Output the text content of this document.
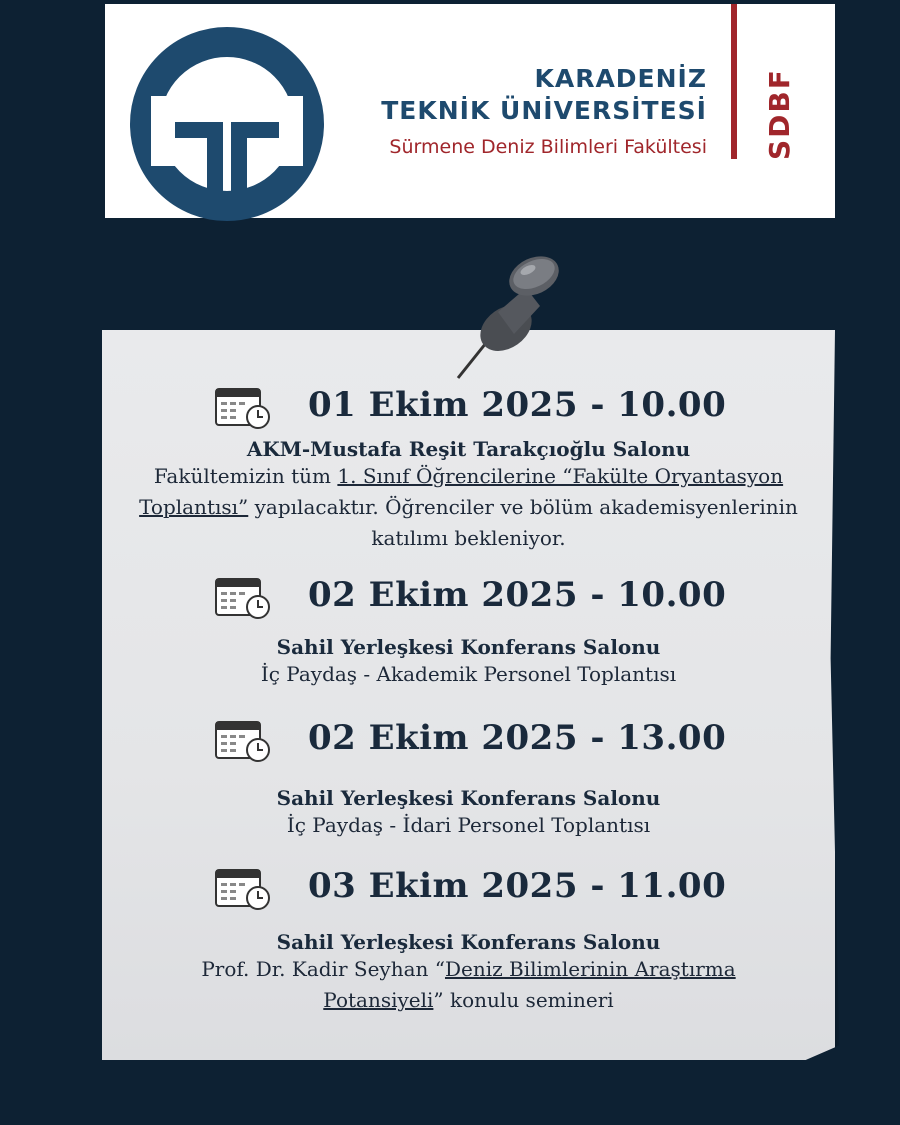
KARADENİZ
TEKNİK ÜNİVERSİTESİ
Sürmene Deniz Bilimleri Fakültesi SDBF
01 Ekim 2025 - 10.00
AKM-Mustafa Reşit Tarakçıoğlu Salonu
Fakültemizin tüm 1. Sınıf Öğrencilerine “Fakülte Oryantasyon Toplantısı” yapılacaktır. Öğrenciler ve bölüm akademisyenlerinin katılımı bekleniyor.
02 Ekim 2025 - 10.00
Sahil Yerleşkesi Konferans Salonu
İç Paydaş - Akademik Personel Toplantısı
02 Ekim 2025 - 13.00
Sahil Yerleşkesi Konferans Salonu
İç Paydaş - İdari Personel Toplantısı
03 Ekim 2025 - 11.00
Sahil Yerleşkesi Konferans Salonu
Prof. Dr. Kadir Seyhan “Deniz Bilimlerinin Araştırma Potansiyeli” konulu semineri
